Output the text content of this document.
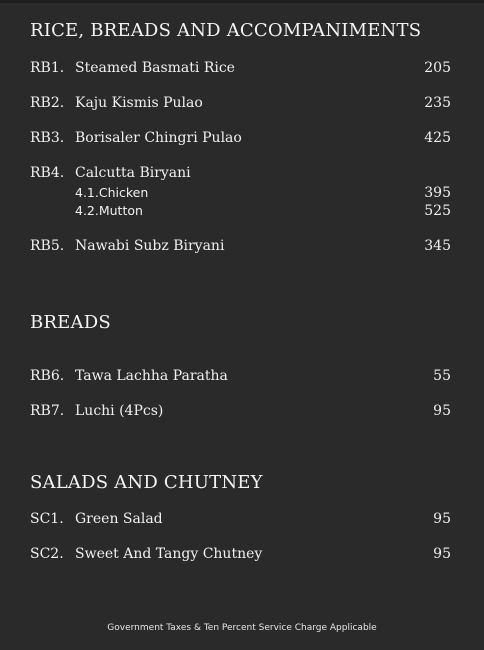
RICE, BREADS AND ACCOMPANIMENTS
RB1. Steamed Basmati Rice	205
RB2. Kaju Kismis Pulao	235
RB3. Borisaler Chingri Pulao	425
RB4. Calcutta Biryani
4.1.Chicken	395
4.2.Mutton	525
RB5. Nawabi Subz Biryani	345
BREADS
RB6. Tawa Lachha Paratha	55
RB7. Luchi (4Pcs)	95
SALADS AND CHUTNEY
SC1. Green Salad	95
SC2. Sweet And Tangy Chutney	95
Government Taxes & Ten Percent Service Charge Applicable
